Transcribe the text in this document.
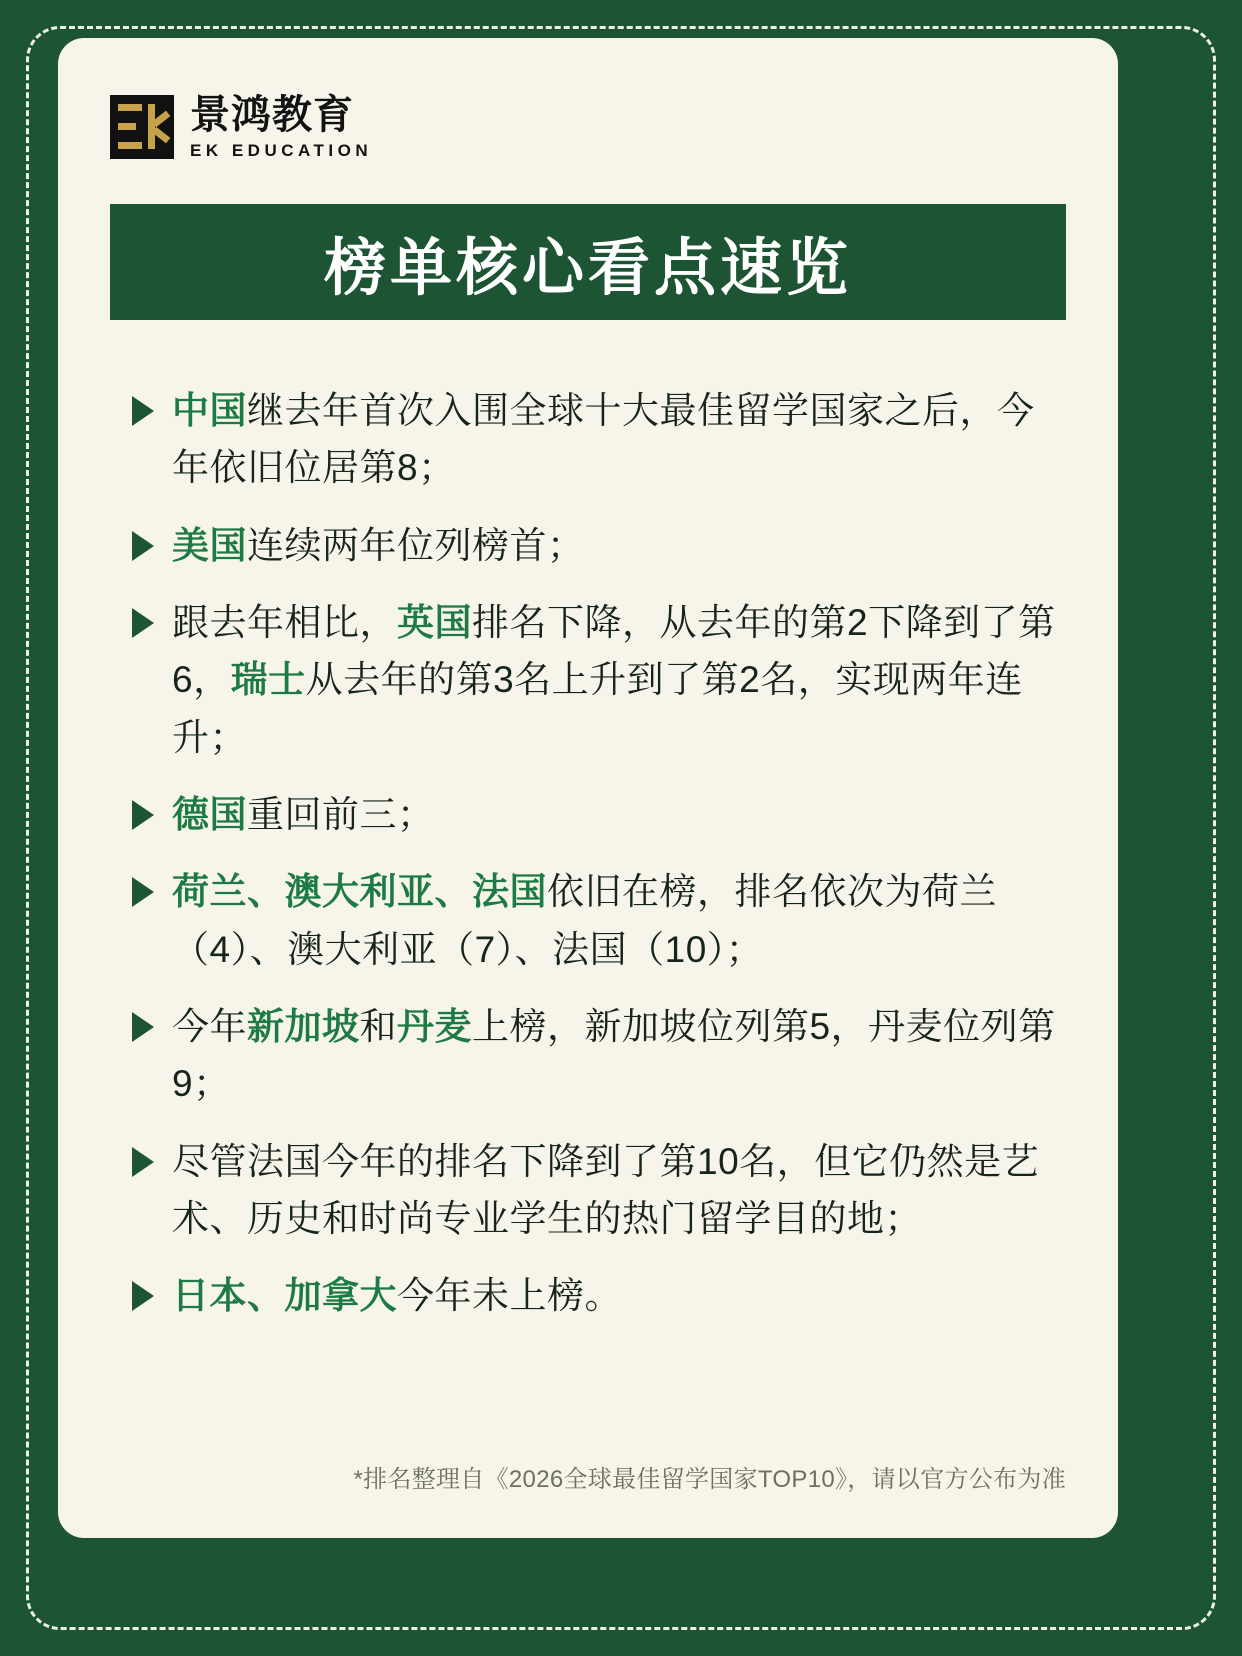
景鸿教育
EK EDUCATION
榜单核心看点速览
中国继去年首次入围全球十大最佳留学国家之后，今年依旧位居第8；
美国连续两年位列榜首；
跟去年相比，英国排名下降，从去年的第2下降到了第6，瑞士从去年的第3名上升到了第2名，实现两年连升；
德国重回前三；
荷兰、澳大利亚、法国依旧在榜，排名依次为荷兰（4）、澳大利亚（7）、法国（10）；
今年新加坡和丹麦上榜，新加坡位列第5，丹麦位列第9；
尽管法国今年的排名下降到了第10名，但它仍然是艺术、历史和时尚专业学生的热门留学目的地；
日本、加拿大今年未上榜。
*排名整理自《2026全球最佳留学国家TOP10》，请以官方公布为准
